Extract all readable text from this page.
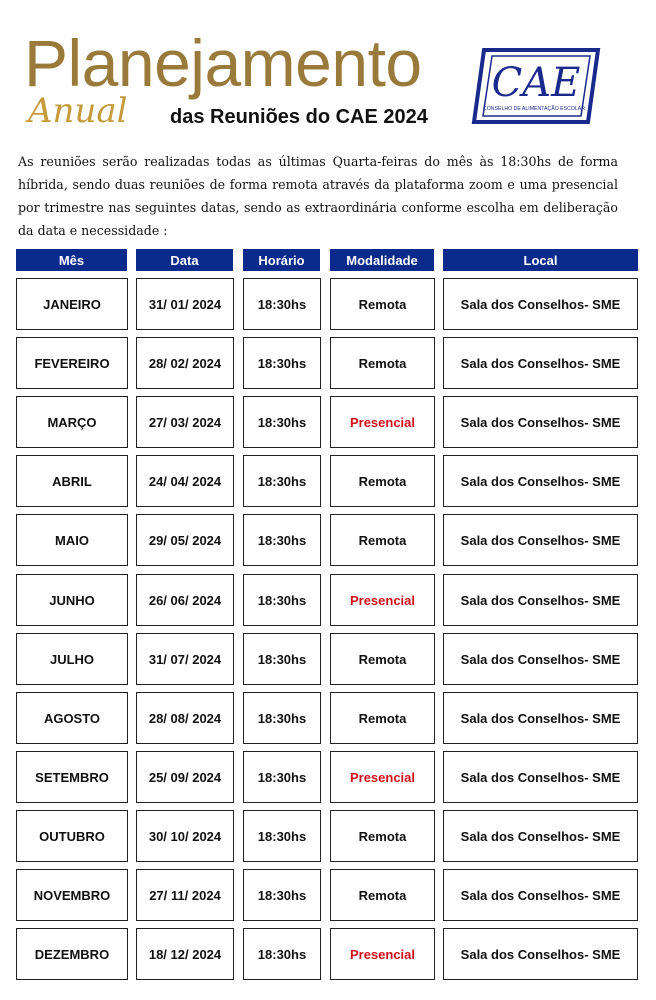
Planejamento
Anual das Reuniões do CAE 2024
CAE
CONSELHO DE ALIMENTAÇÃO ESCOLAR

As reuniões serão realizadas todas as últimas Quarta-feiras do mês às 18:30hs de forma híbrida, sendo duas reuniões de forma remota através da plataforma zoom e uma presencial por trimestre nas seguintes datas, sendo as extraordinária conforme escolha em deliberação da data e necessidade :

Mês	Data	Horário	Modalidade	Local
JANEIRO	31/ 01/ 2024	18:30hs	Remota	Sala dos Conselhos- SME
FEVEREIRO	28/ 02/ 2024	18:30hs	Remota	Sala dos Conselhos- SME
MARÇO	27/ 03/ 2024	18:30hs	Presencial	Sala dos Conselhos- SME
ABRIL	24/ 04/ 2024	18:30hs	Remota	Sala dos Conselhos- SME
MAIO	29/ 05/ 2024	18:30hs	Remota	Sala dos Conselhos- SME
JUNHO	26/ 06/ 2024	18:30hs	Presencial	Sala dos Conselhos- SME
JULHO	31/ 07/ 2024	18:30hs	Remota	Sala dos Conselhos- SME
AGOSTO	28/ 08/ 2024	18:30hs	Remota	Sala dos Conselhos- SME
SETEMBRO	25/ 09/ 2024	18:30hs	Presencial	Sala dos Conselhos- SME
OUTUBRO	30/ 10/ 2024	18:30hs	Remota	Sala dos Conselhos- SME
NOVEMBRO	27/ 11/ 2024	18:30hs	Remota	Sala dos Conselhos- SME
DEZEMBRO	18/ 12/ 2024	18:30hs	Presencial	Sala dos Conselhos- SME
